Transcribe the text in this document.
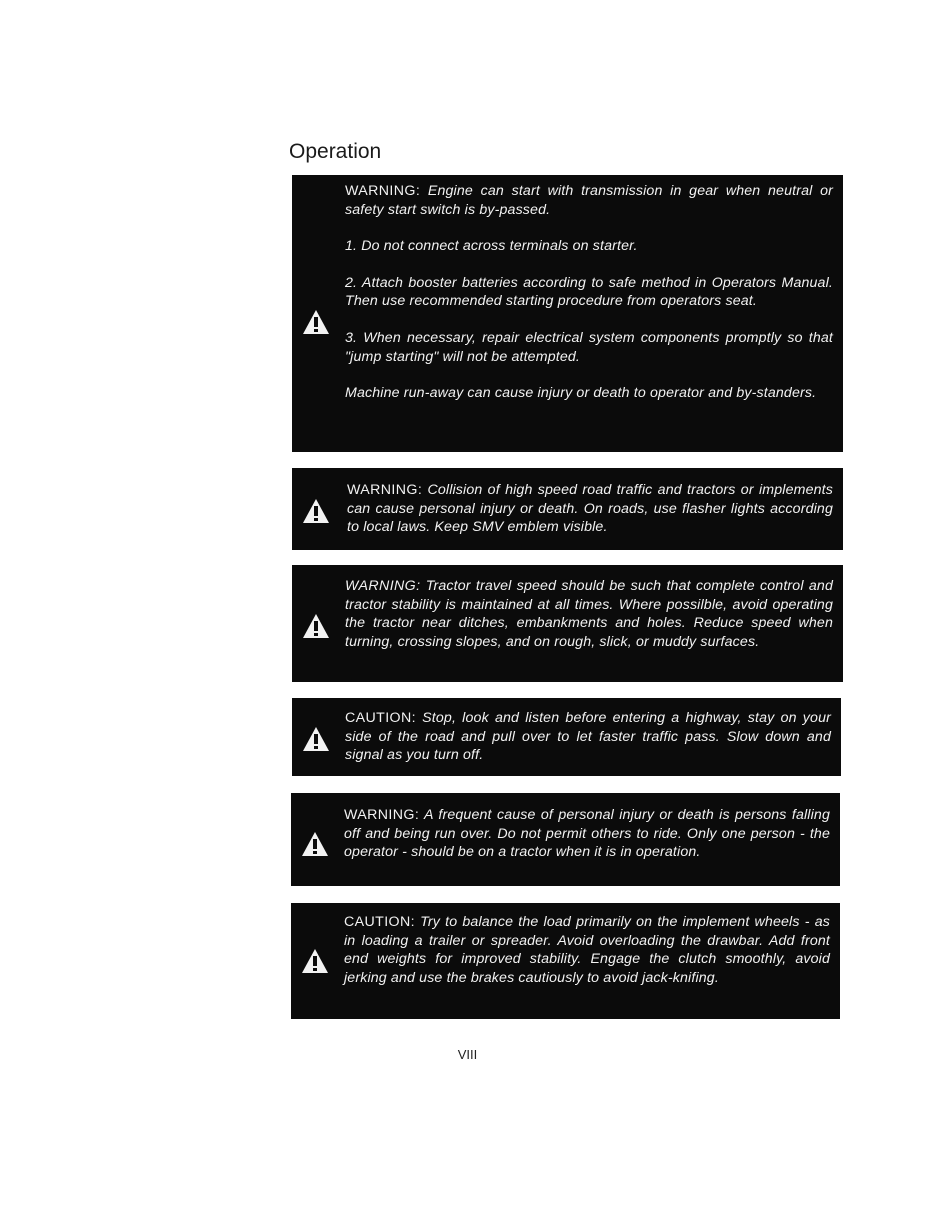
Operation

WARNING: Engine can start with transmission in gear when neutral or safety start switch is by-passed.

1. Do not connect across terminals on starter.

2. Attach booster batteries according to safe method in Operators Manual. Then use recommended starting procedure from operators seat.

3. When necessary, repair electrical system components promptly so that "jump starting" will not be attempted.

Machine run-away can cause injury or death to operator and by-standers.

WARNING: Collision of high speed road traffic and tractors or implements can cause personal injury or death. On roads, use flasher lights according to local laws. Keep SMV emblem visible.

WARNING: Tractor travel speed should be such that complete control and tractor stability is maintained at all times. Where possilble, avoid operating the tractor near ditches, embankments and holes. Reduce speed when turning, crossing slopes, and on rough, slick, or muddy surfaces.

CAUTION: Stop, look and listen before entering a highway, stay on your side of the road and pull over to let faster traffic pass. Slow down and signal as you turn off.

WARNING: A frequent cause of personal injury or death is persons falling off and being run over. Do not permit others to ride. Only one person - the operator - should be on a tractor when it is in operation.

CAUTION: Try to balance the load primarily on the implement wheels - as in loading a trailer or spreader. Avoid overloading the drawbar. Add front end weights for improved stability. Engage the clutch smoothly, avoid jerking and use the brakes cautiously to avoid jack-knifing.

VIII
